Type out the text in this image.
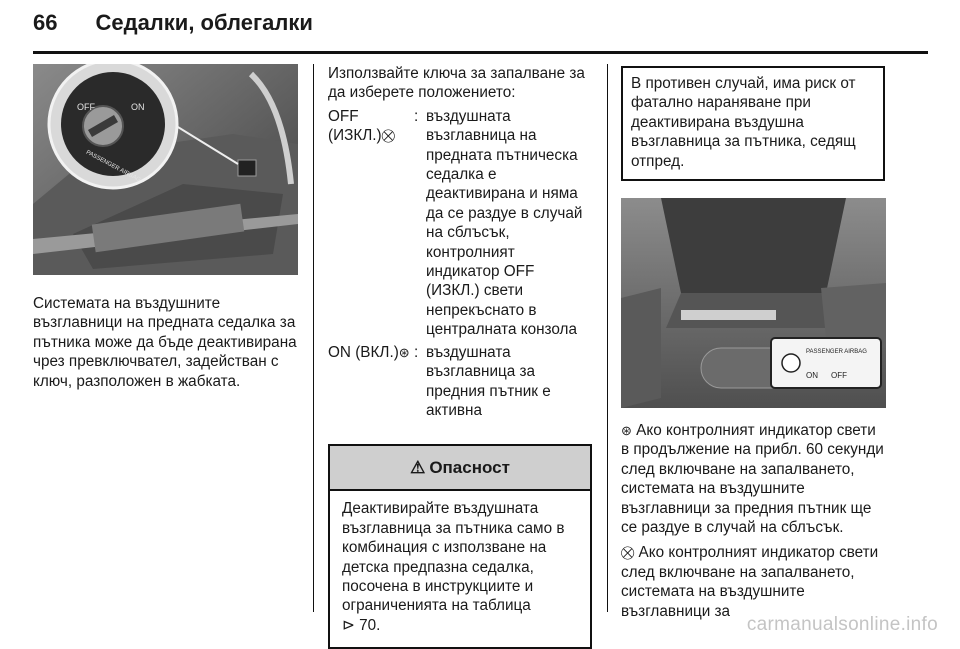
66 Седалки, облегалки
OFF	ON
PASSENGER AIRBAG

Системата на въздушните възглавници на предната седалка за пътника може да бъде деактивирана чрез превключвател, задействан с ключ, разположен в жабката.

Използвайте ключа за запалване за да изберете положението:

OFF (ИЗКЛ.)⛒
: въздушната възглавница на предната пътническа седалка е деактивирана и няма да се раздуе в случай на сблъсък, контролният индикатор OFF (ИЗКЛ.) свети непрекъснато в централната конзола
ON (ВКЛ.)⊛ : въздушната възглавница за предния пътник е активна
⚠ Опасност

Деактивирайте въздушната възглавница за пътника само в комбинация с използване на детска предпазна седалка, посочена в инструкциите и ограниченията на таблица

⊳ 70.

В противен случай, има риск от фатално нараняване при деактивирана въздушна възглавница за пътника, седящ отпред.

PASSENGER AIRBAG
ON OFF

⊛ Ако контролният индикатор свети в продължение на прибл. 60 секунди след включване на запалването, системата на въздушните възглавници за предния пътник ще се раздуе в случай на сблъсък.

⛒ Ако контролният индикатор свети след включване на запалването, системата на въздушните възглавници за

carmanualsonline.info
